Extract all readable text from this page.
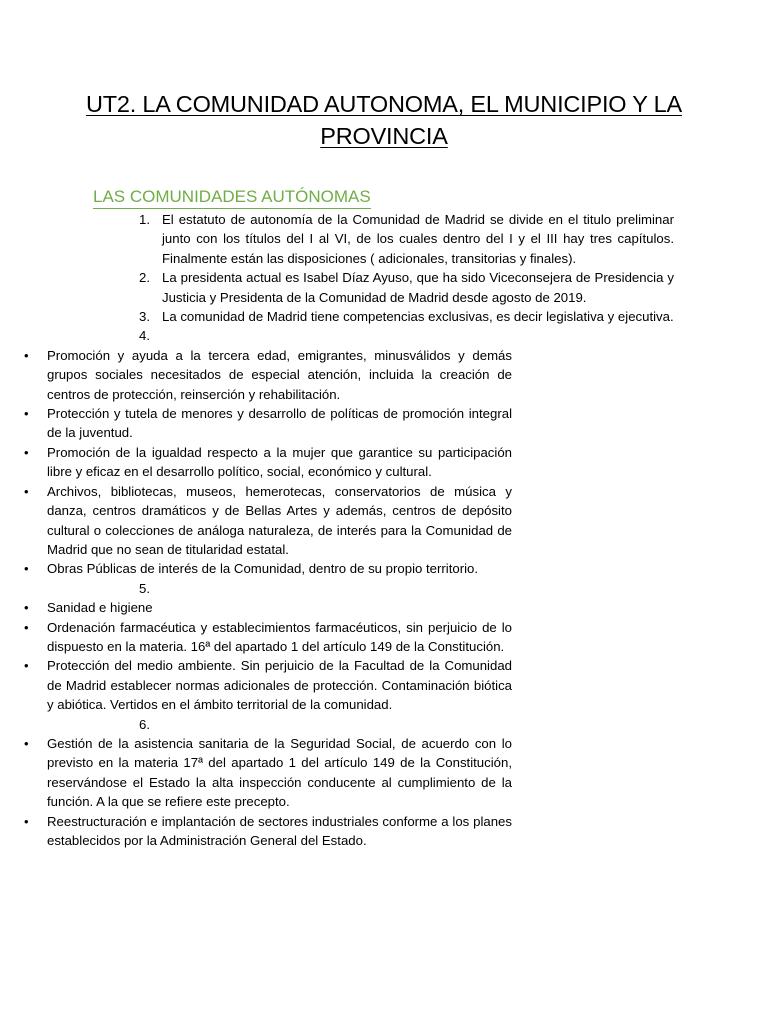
UT2. LA COMUNIDAD AUTONOMA, EL MUNICIPIO Y LA PROVINCIA
LAS COMUNIDADES AUTÓNOMAS
1. El estatuto de autonomía de la Comunidad de Madrid se divide en el titulo preliminar junto con los títulos del I al VI, de los cuales dentro del I y el III hay tres capítulos. Finalmente están las disposiciones ( adicionales, transitorias y finales).
2. La presidenta actual es Isabel Díaz Ayuso, que ha sido Viceconsejera de Presidencia y Justicia y Presidenta de la Comunidad de Madrid desde agosto de 2019.
3. La comunidad de Madrid tiene competencias exclusivas, es decir legislativa y ejecutiva.
4.

• Promoción y ayuda a la tercera edad, emigrantes, minusválidos y demás grupos sociales necesitados de especial atención, incluida la creación de centros de protección, reinserción y rehabilitación.
• Protección y tutela de menores y desarrollo de políticas de promoción integral de la juventud.
• Promoción de la igualdad respecto a la mujer que garantice su participación libre y eficaz en el desarrollo político, social, económico y cultural.
• Archivos, bibliotecas, museos, hemerotecas, conservatorios de música y danza, centros dramáticos y de Bellas Artes y además, centros de depósito cultural o colecciones de análoga naturaleza, de interés para la Comunidad de Madrid que no sean de titularidad estatal.
• Obras Públicas de interés de la Comunidad, dentro de su propio territorio.
5.

• Sanidad e higiene
• Ordenación farmacéutica y establecimientos farmacéuticos, sin perjuicio de lo dispuesto en la materia. 16ª del apartado 1 del artículo 149 de la Constitución.
• Protección del medio ambiente. Sin perjuicio de la Facultad de la Comunidad de Madrid establecer normas adicionales de protección. Contaminación biótica y abiótica. Vertidos en el ámbito territorial de la comunidad.
6.

• Gestión de la asistencia sanitaria de la Seguridad Social, de acuerdo con lo previsto en la materia 17ª del apartado 1 del artículo 149 de la Constitución, reservándose el Estado la alta inspección conducente al cumplimiento de la función. A la que se refiere este precepto.
• Reestructuración e implantación de sectores industriales conforme a los planes establecidos por la Administración General del Estado.
